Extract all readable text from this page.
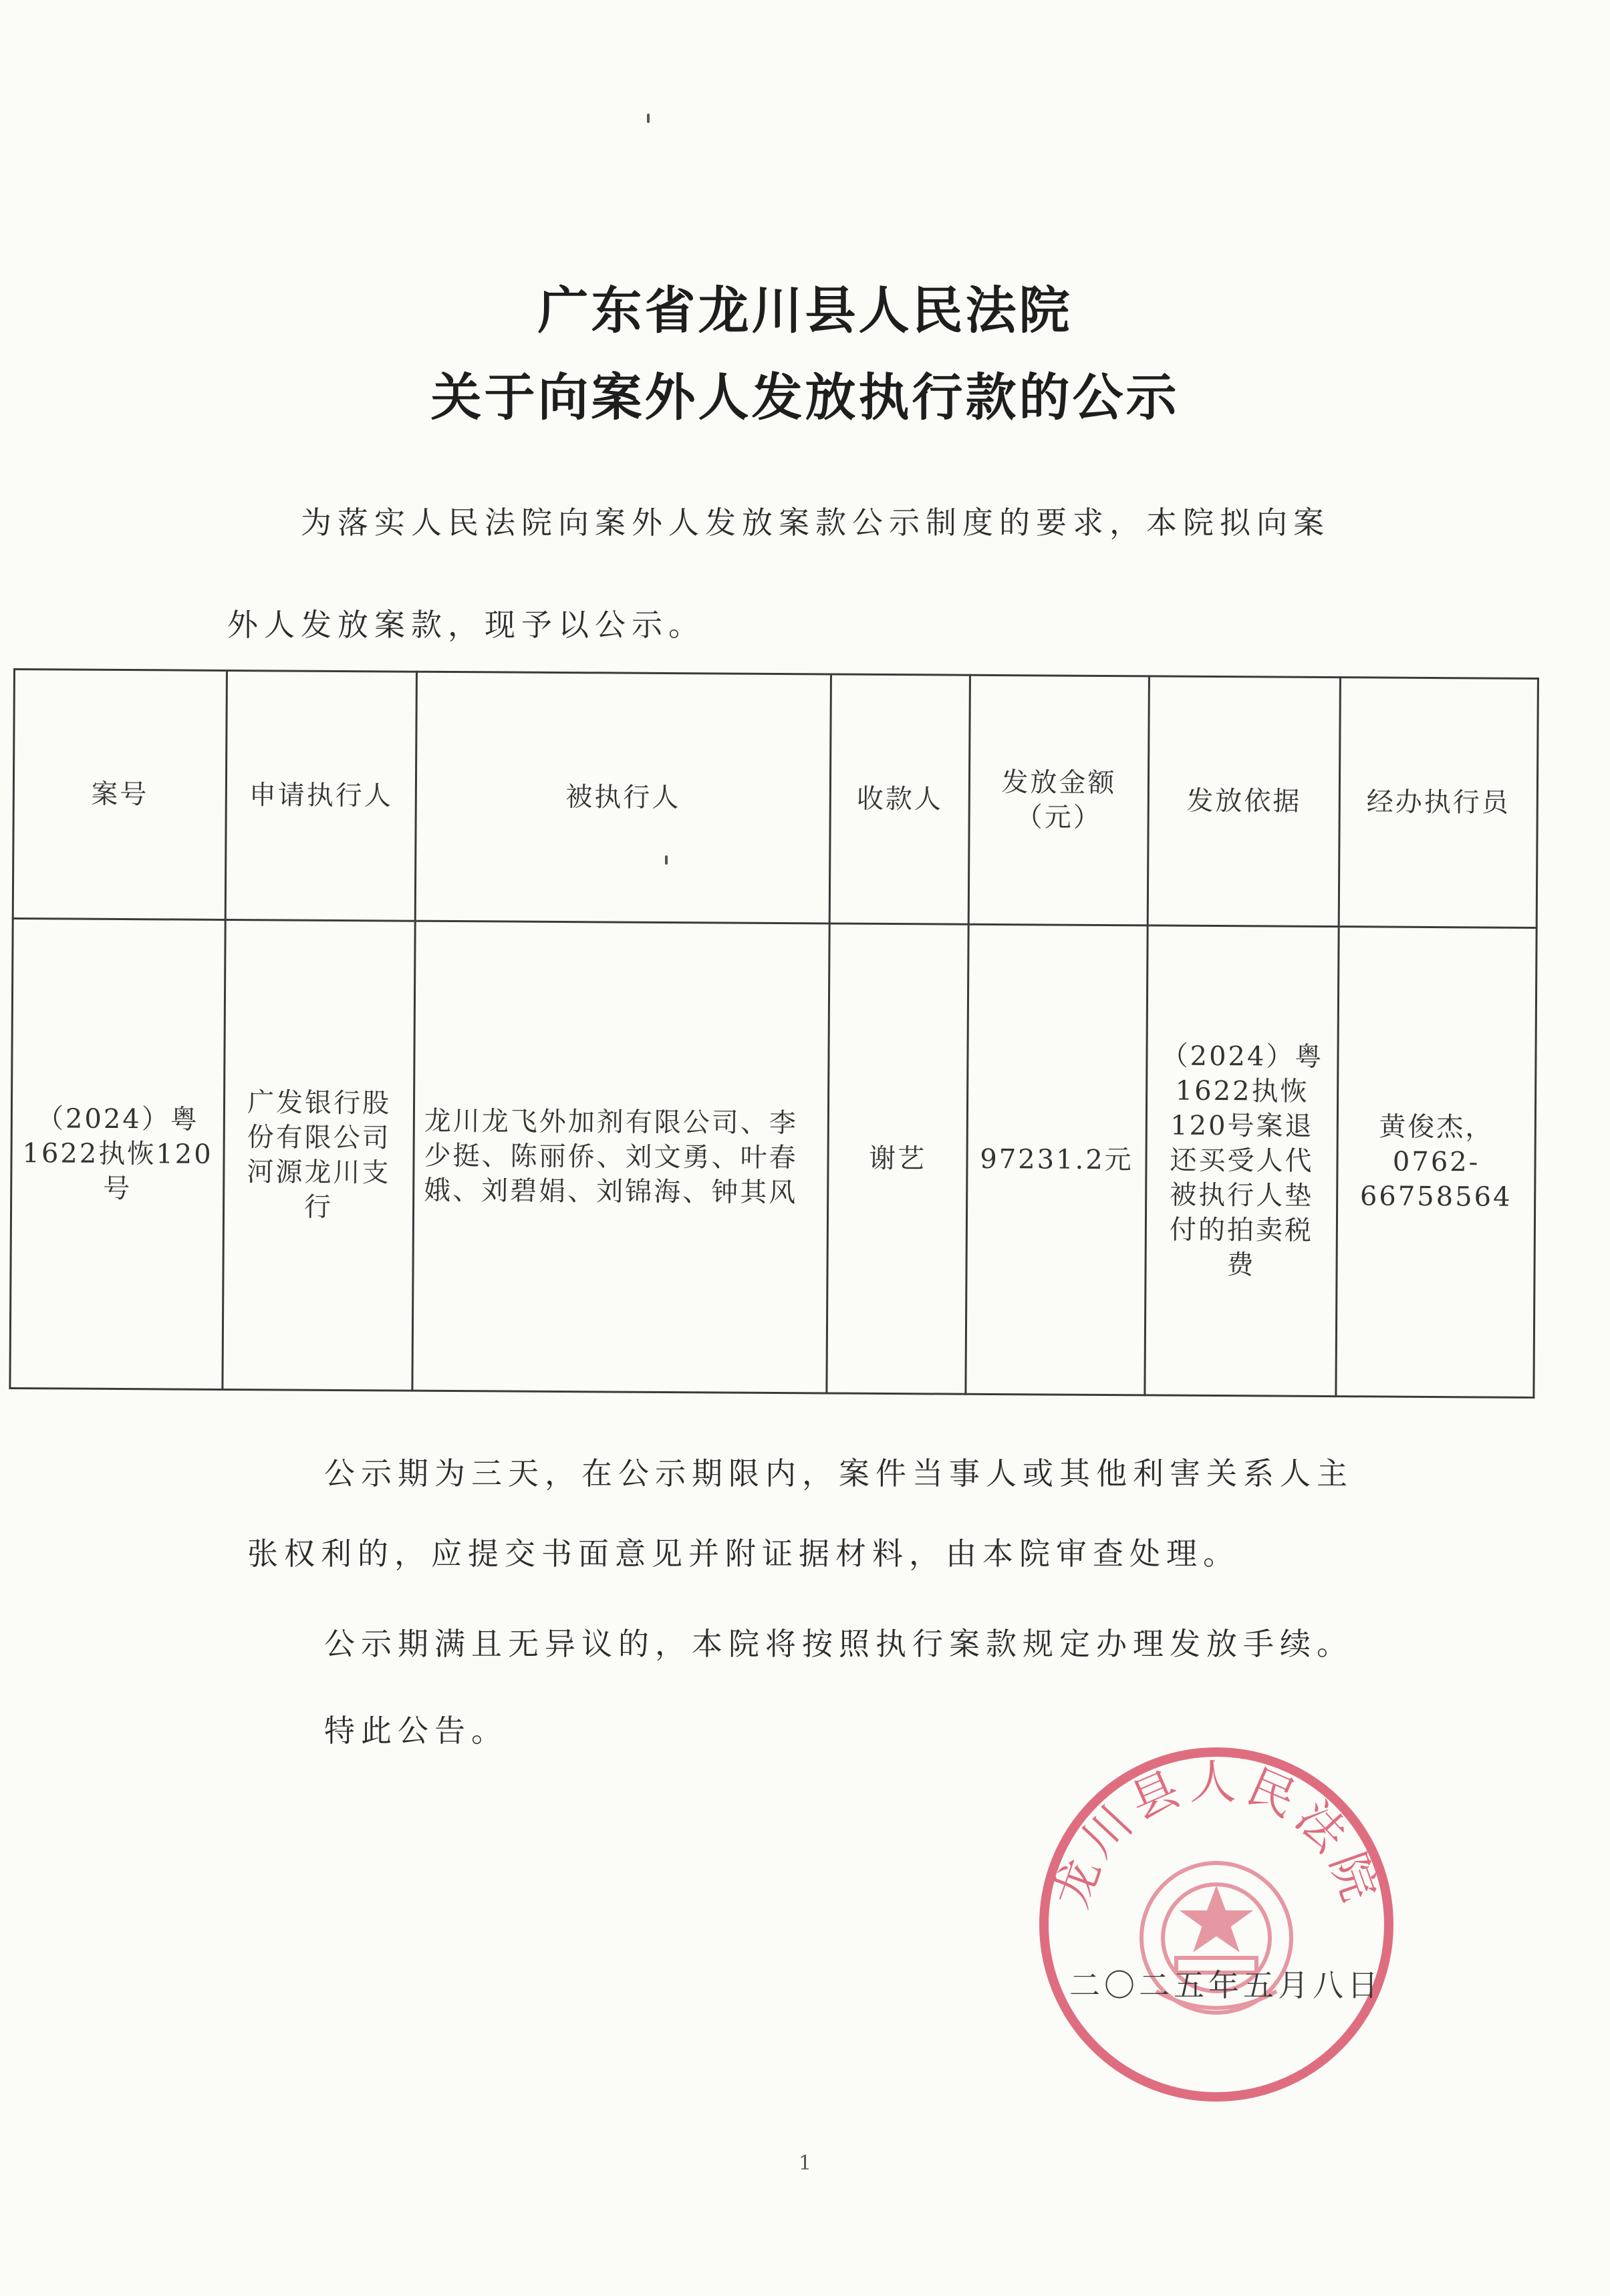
广东省龙川县人民法院
关于向案外人发放执行款的公示
为落实人民法院向案外人发放案款公示制度的要求，本院拟向案
外人发放案款，现予以公示。
案号	申请执行人	被执行人	收款人	发放金额（元）	发放依据	经办执行员
（2024）粤1622执恢120号	广发银行股份有限公司河源龙川支行	龙川龙飞外加剂有限公司、李少挺、陈丽侨、刘文勇、叶春娥、刘碧娟、刘锦海、钟其风	谢艺	97231.2元	（2024）粤1622执恢120号案退还买受人代被执行人垫付的拍卖税费	黄俊杰，0762-66758564
公示期为三天，在公示期限内，案件当事人或其他利害关系人主
张权利的，应提交书面意见并附证据材料，由本院审查处理。
公示期满且无异议的，本院将按照执行案款规定办理发放手续。
特此公告。
龙川县人民法院
二〇二五年五月八日
1
